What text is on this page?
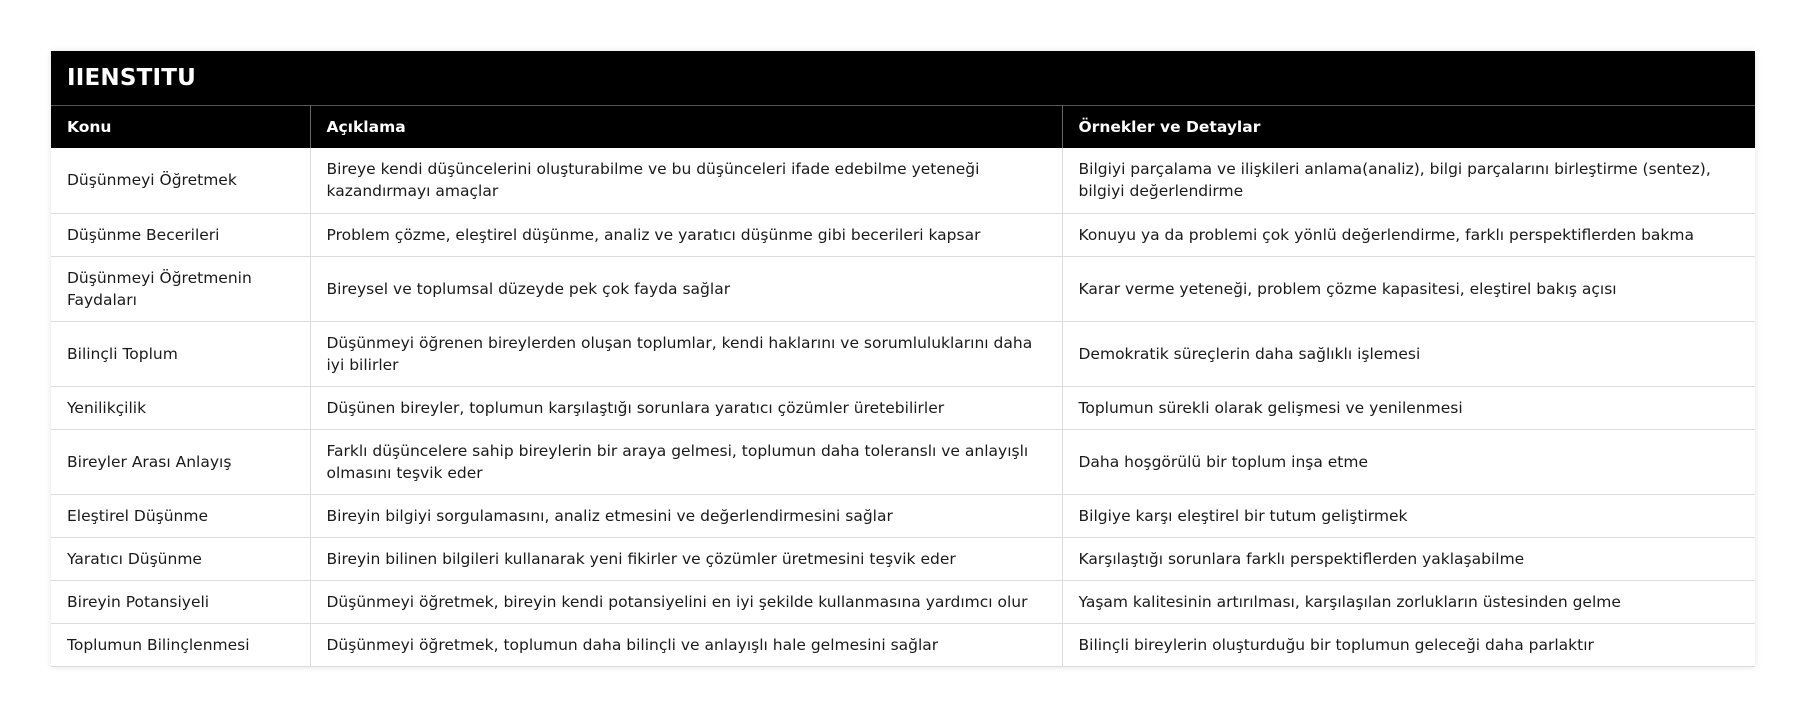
IIENSTITU
Konu	Açıklama	Örnekler ve Detaylar
Düşünmeyi Öğretmek	Bireye kendi düşüncelerini oluşturabilme ve bu düşünceleri ifade edebilme yeteneği kazandırmayı amaçlar	Bilgiyi parçalama ve ilişkileri anlama(analiz), bilgi parçalarını birleştirme (sentez), bilgiyi değerlendirme
Düşünme Becerileri	Problem çözme, eleştirel düşünme, analiz ve yaratıcı düşünme gibi becerileri kapsar	Konuyu ya da problemi çok yönlü değerlendirme, farklı perspektiflerden bakma
Düşünmeyi Öğretmenin Faydaları	Bireysel ve toplumsal düzeyde pek çok fayda sağlar	Karar verme yeteneği, problem çözme kapasitesi, eleştirel bakış açısı
Bilinçli Toplum	Düşünmeyi öğrenen bireylerden oluşan toplumlar, kendi haklarını ve sorumluluklarını daha iyi bilirler	Demokratik süreçlerin daha sağlıklı işlemesi
Yenilikçilik	Düşünen bireyler, toplumun karşılaştığı sorunlara yaratıcı çözümler üretebilirler	Toplumun sürekli olarak gelişmesi ve yenilenmesi
Bireyler Arası Anlayış	Farklı düşüncelere sahip bireylerin bir araya gelmesi, toplumun daha toleranslı ve anlayışlı olmasını teşvik eder	Daha hoşgörülü bir toplum inşa etme
Eleştirel Düşünme	Bireyin bilgiyi sorgulamasını, analiz etmesini ve değerlendirmesini sağlar	Bilgiye karşı eleştirel bir tutum geliştirmek
Yaratıcı Düşünme	Bireyin bilinen bilgileri kullanarak yeni fikirler ve çözümler üretmesini teşvik eder	Karşılaştığı sorunlara farklı perspektiflerden yaklaşabilme
Bireyin Potansiyeli	Düşünmeyi öğretmek, bireyin kendi potansiyelini en iyi şekilde kullanmasına yardımcı olur	Yaşam kalitesinin artırılması, karşılaşılan zorlukların üstesinden gelme
Toplumun Bilinçlenmesi	Düşünmeyi öğretmek, toplumun daha bilinçli ve anlayışlı hale gelmesini sağlar	Bilinçli bireylerin oluşturduğu bir toplumun geleceği daha parlaktır
